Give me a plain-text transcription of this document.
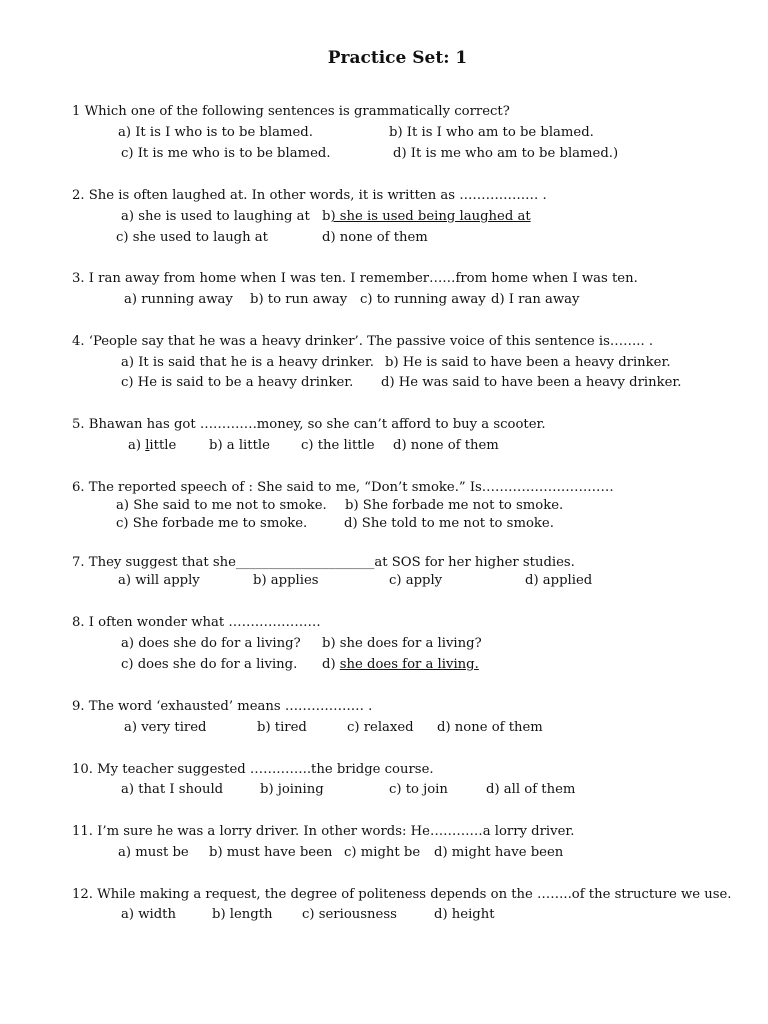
Practice Set: 1
1 Which one of the following sentences is grammatically correct?
a) It is I who is to be blamed.	b) It is I who am to be blamed.
c) It is me who is to be blamed.	d) It is me who am to be blamed.)
2. She is often laughed at. In other words, it is written as ……………… .
a) she is used to laughing at b) she is used being laughed at
c) she used to laugh at	d) none of them
3. I ran away from home when I was ten. I remember……from home when I was ten.
a) running away b) to run away c) to running away d) I ran away
4. ‘People say that he was a heavy drinker’. The passive voice of this sentence is…….. .
a) It is said that he is a heavy drinker. b) He is said to have been a heavy drinker.
c) He is said to be a heavy drinker. d) He was said to have been a heavy drinker.
5. Bhawan has got ………….money, so she can’t afford to buy a scooter.
a) little b) a little c) the little d) none of them
6. The reported speech of : She said to me, “Don’t smoke.” Is…………………………
a) She said to me not to smoke. b) She forbade me not to smoke.
c) She forbade me to smoke.	d) She told to me not to smoke.
7. They suggest that she_____________________at SOS for her higher studies.
a) will apply	b) applies	c) apply	d) applied
8. I often wonder what …………………
a) does she do for a living? b) she does for a living?
c) does she do for a living. d) she does for a living.
9. The word ‘exhausted’ means ……………… .
a) very tired	b) tired	c) relaxed d) none of them
10. My teacher suggested …………..the bridge course.
a) that I should	b) joining	c) to join	d) all of them
11. I’m sure he was a lorry driver. In other words: He…………a lorry driver.
a) must be b) must have been c) might be d) might have been
12. While making a request, the degree of politeness depends on the ……..of the structure we use.
a) width	b) length c) seriousness	d) height
